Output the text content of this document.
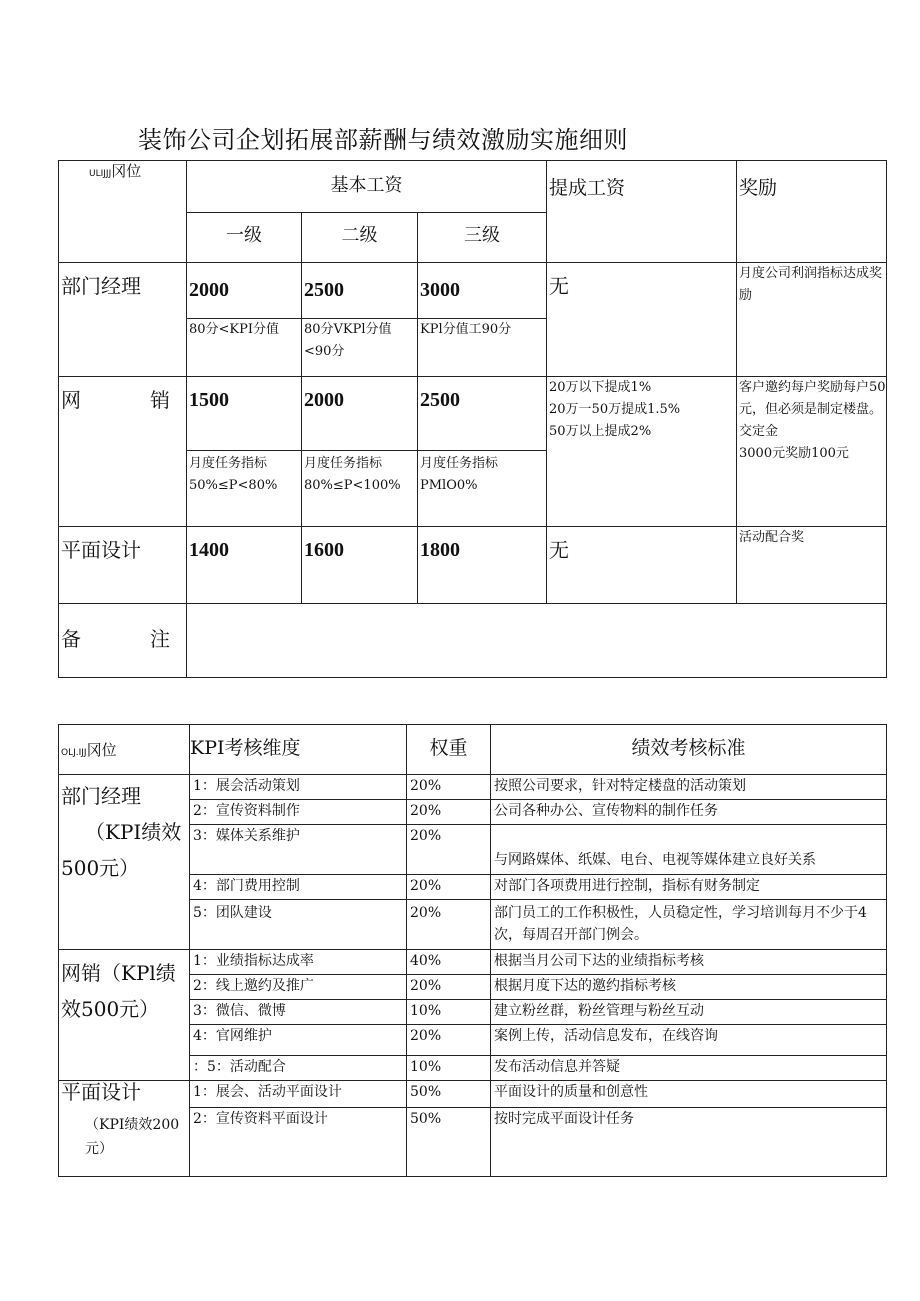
装饰公司企划拓展部薪酬与绩效激励实施细则
ULIJJJ冈位	基本工资			提成工资	奖励

	一级	二级	三级		

部门经理	2000	2500	3000	无	月度公司利润指标达成奖励

	80分<KPI分值	80分VKPl分值<90分	KPl分值工90分		

网 销	1500	2000	2500	20万以下提成1%
20万一50万提成1.5%
50万以上提成2%	客户邀约每户奖励每户50元，但必须是制定楼盘。交定金
3000元奖励100元

	月度任务指标50%≤P<80%	月度任务指标80%≤P<100%	月度任务指标PMlO0%		

平面设计	1400	1600	1800	无	活动配合奖

备 注					

OLJ.IJJ冈位	KPI考核维度	权重	绩效考核标准

部门经理
（KPI绩效
500元）	1：展会活动策划	20%	按照公司要求，针对特定楼盘的活动策划

	2：宣传资料制作	20%	公司各种办公、宣传物料的制作任务

	3：媒体关系维护	20%	与网路媒体、纸媒、电台、电视等媒体建立良好关系

	4：部门费用控制	20%	对部门各项费用进行控制，指标有财务制定

	5：团队建设	20%	部门员工的工作积极性，人员稳定性，学习培训每月不少于4次，每周召开部门例会。

网销（KPl绩
效500元）	1：业绩指标达成率	40%	根据当月公司下达的业绩指标考核

	2：线上邀约及推广	20%	根据月度下达的邀约指标考核

	3：微信、微博	10%	建立粉丝群，粉丝管理与粉丝互动

	4：官网维护	20%	案例上传，活动信息发布，在线咨询

	：5：活动配合	10%	发布活动信息并答疑

平面设计
（KPI绩效200元）	1：展会、活动平面设计	50%	平面设计的质量和创意性

	2：宣传资料平面设计	50%	按时完成平面设计任务
